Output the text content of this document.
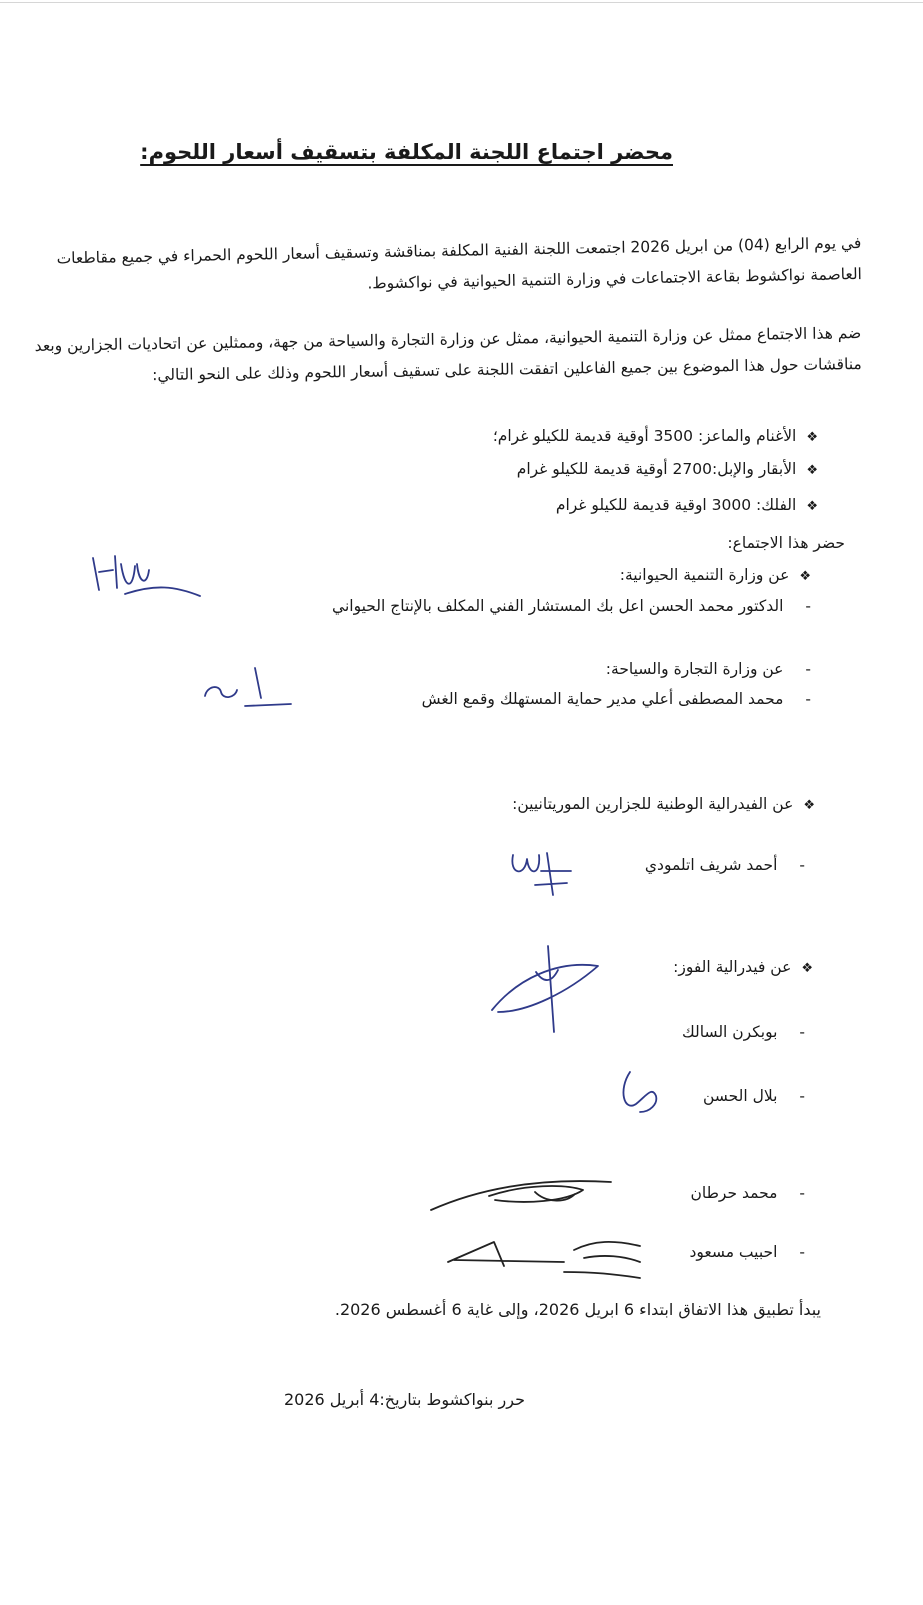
محضر اجتماع اللجنة المكلفة بتسقيف أسعار اللحوم:
في يوم الرابع (04) من ابريل 2026 اجتمعت اللجنة الفنية المكلفة بمناقشة وتسقيف أسعار اللحوم الحمراء في جميع مقاطعات العاصمة نواكشوط بقاعة الاجتماعات في وزارة التنمية الحيوانية في نواكشوط.
ضم هذا الاجتماع ممثل عن وزارة التنمية الحيوانية، ممثل عن وزارة التجارة والسياحة من جهة، وممثلين عن اتحاديات الجزارين وبعد مناقشات حول هذا الموضوع بين جميع الفاعلين اتفقت اللجنة على تسقيف أسعار اللحوم وذلك على النحو التالي:
❖ الأغنام والماعز: 3500 أوقية قديمة للكيلو غرام؛
❖ الأبقار والإبل:2700 أوقية قديمة للكيلو غرام
❖ الفلك: 3000 اوقية قديمة للكيلو غرام
حضر هذا الاجتماع:
❖ عن وزارة التنمية الحيوانية:
- الدكتور محمد الحسن اعل بك المستشار الفني المكلف بالإنتاج الحيواني
- عن وزارة التجارة والسياحة:
- محمد المصطفى أعلي مدير حماية المستهلك وقمع الغش
❖ عن الفيدرالية الوطنية للجزارين الموريتانيين:
- أحمد شريف اتلمودي
❖ عن فيدرالية الفوز:
- بوبكرن السالك
- بلال الحسن
- محمد حرطان
- احبيب مسعود
يبدأ تطبيق هذا الاتفاق ابتداء 6 ابريل 2026، وإلى غاية 6 أغسطس 2026.
حرر بنواكشوط بتاريخ:4 أبريل 2026
